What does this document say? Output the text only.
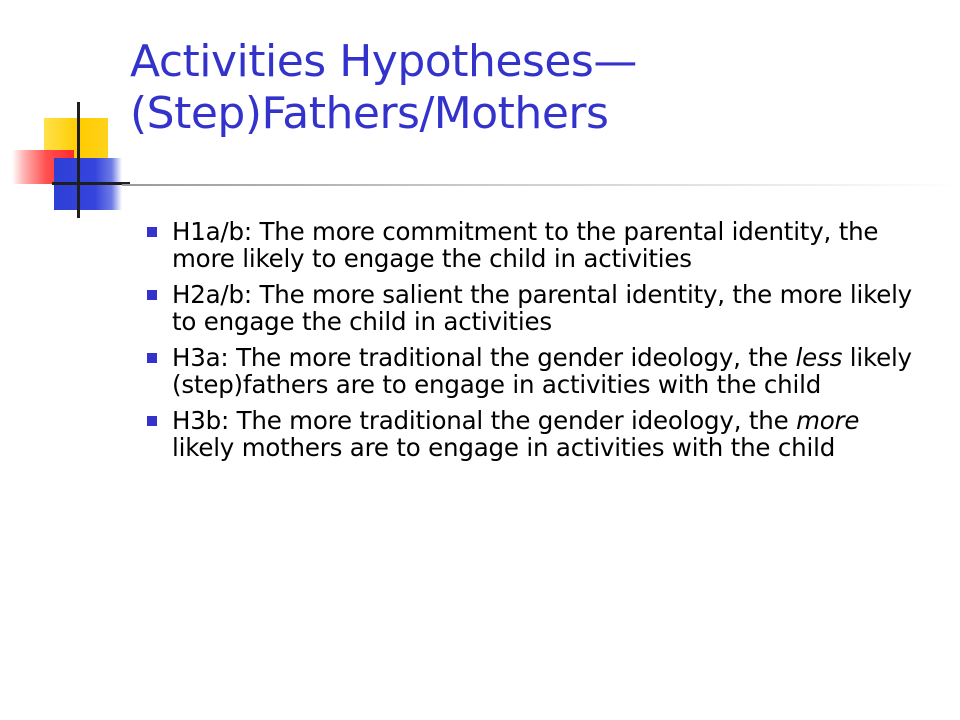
Activities Hypotheses—
(Step)Fathers/Mothers
H1a/b: The more commitment to the parental identity, the more likely to engage the child in activities
H2a/b: The more salient the parental identity, the more likely to engage the child in activities
H3a: The more traditional the gender ideology, the less likely (step)fathers are to engage in activities with the child
H3b: The more traditional the gender ideology, the more likely mothers are to engage in activities with the child
